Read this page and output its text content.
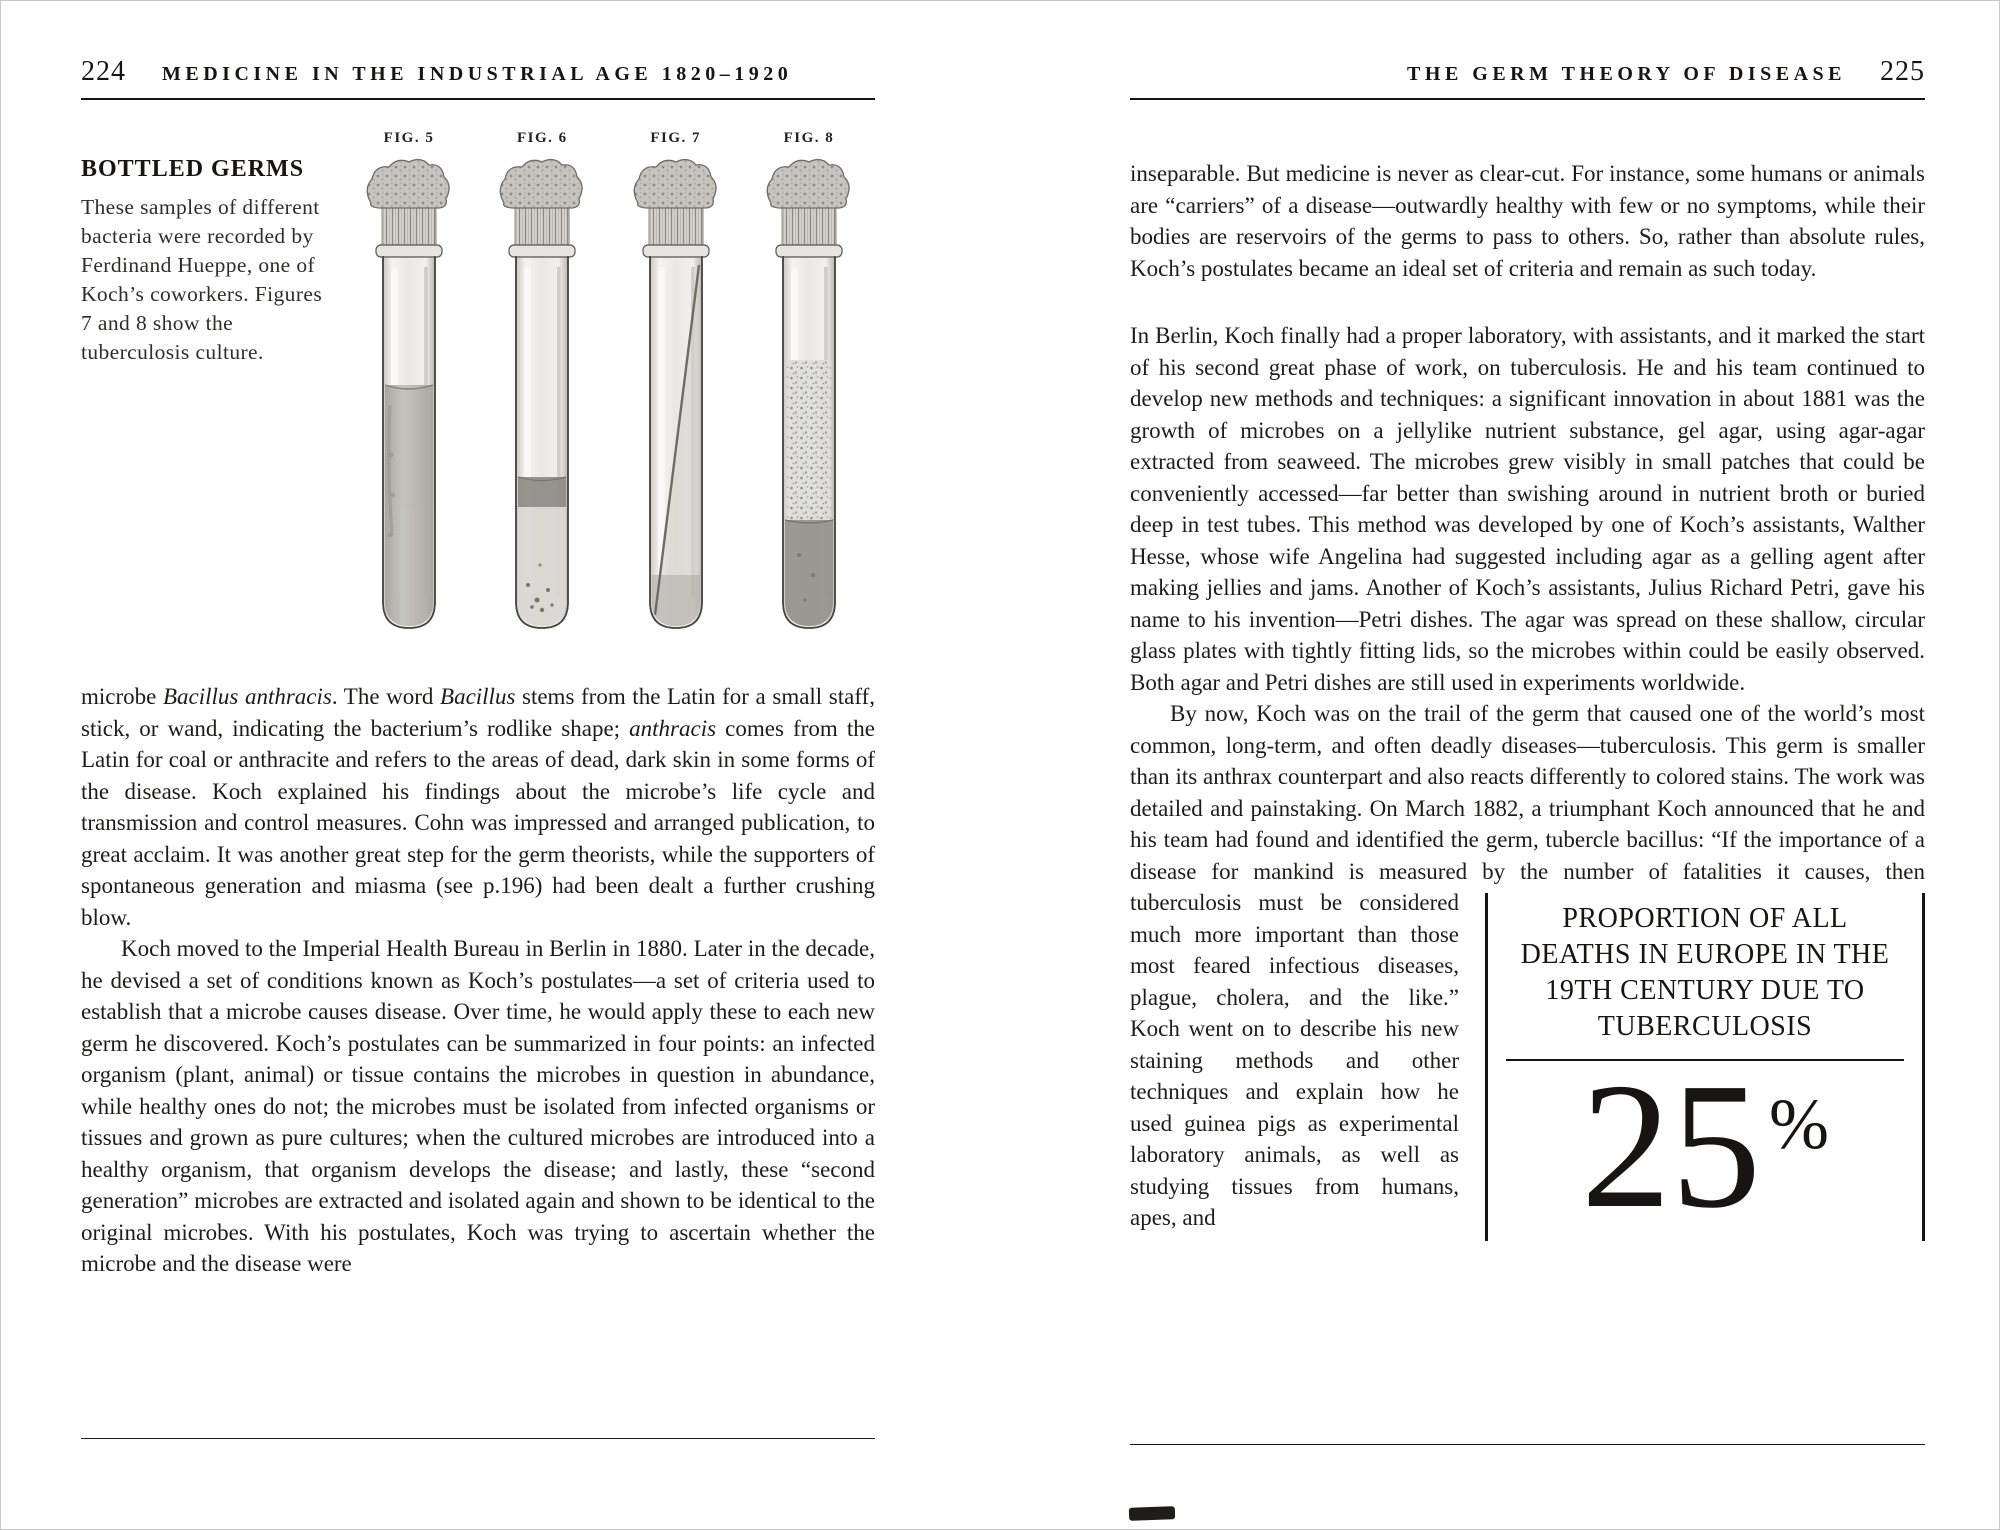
224 MEDICINE IN THE INDUSTRIAL AGE 1820–1920
BOTTLED GERMS
These samples of different bacteria were recorded by Ferdinand Hueppe, one of Koch’s coworkers. Figures 7 and 8 show the tuberculosis culture.
FIG. 5	FIG. 6	FIG. 7	FIG. 8

microbe Bacillus anthracis. The word Bacillus stems from the Latin for a small staff, stick, or wand, indicating the bacterium’s rodlike shape; anthracis comes from the Latin for coal or anthracite and refers to the areas of dead, dark skin in some forms of the disease. Koch explained his findings about the microbe’s life cycle and transmission and control measures. Cohn was impressed and arranged publication, to great acclaim. It was another great step for the germ theorists, while the supporters of spontaneous generation and miasma (see p.196) had been dealt a further crushing blow.

Koch moved to the Imperial Health Bureau in Berlin in 1880. Later in the decade, he devised a set of conditions known as Koch’s postulates—a set of criteria used to establish that a microbe causes disease. Over time, he would apply these to each new germ he discovered. Koch’s postulates can be summarized in four points: an infected organism (plant, animal) or tissue contains the microbes in question in abundance, while healthy ones do not; the microbes must be isolated from infected organisms or tissues and grown as pure cultures; when the cultured microbes are introduced into a healthy organism, that organism develops the disease; and lastly, these “second generation” microbes are extracted and isolated again and shown to be identical to the original microbes. With his postulates, Koch was trying to ascertain whether the microbe and the disease were

THE GERM THEORY OF DISEASE 225

inseparable. But medicine is never as clear-cut. For instance, some humans or animals are “carriers” of a disease—outwardly healthy with few or no symptoms, while their bodies are reservoirs of the germs to pass to others. So, rather than absolute rules, Koch’s postulates became an ideal set of criteria and remain as such today.

In Berlin, Koch finally had a proper laboratory, with assistants, and it marked the start of his second great phase of work, on tuberculosis. He and his team continued to develop new methods and techniques: a significant innovation in about 1881 was the growth of microbes on a jellylike nutrient substance, gel agar, using agar-agar extracted from seaweed. The microbes grew visibly in small patches that could be conveniently accessed—far better than swishing around in nutrient broth or buried deep in test tubes. This method was developed by one of Koch’s assistants, Walther Hesse, whose wife Angelina had suggested including agar as a gelling agent after making jellies and jams. Another of Koch’s assistants, Julius Richard Petri, gave his name to his invention—Petri dishes. The agar was spread on these shallow, circular glass plates with tightly fitting lids, so the microbes within could be easily observed. Both agar and Petri dishes are still used in experiments worldwide.

By now, Koch was on the trail of the germ that caused one of the world’s most common, long-term, and often deadly diseases—tuberculosis. This germ is smaller than its anthrax counterpart and also reacts differently to colored stains. The work was detailed and painstaking. On March 1882, a triumphant Koch announced that he and his team had found and identified the germ, tubercle bacillus: “If the importance of a disease for mankind is measured by the number of fatalities it causes, then tuberculosis must be considered
PROPORTION OF ALL DEATHS IN EUROPE IN THE 19TH CENTURY DUE TO TUBERCULOSIS
25 %
much more important than those most feared infectious diseases, plague, cholera, and the like.” Koch went on to describe his new staining methods and other techniques and explain how he used guinea pigs as experimental laboratory animals, as well as studying tissues from humans, apes, and
